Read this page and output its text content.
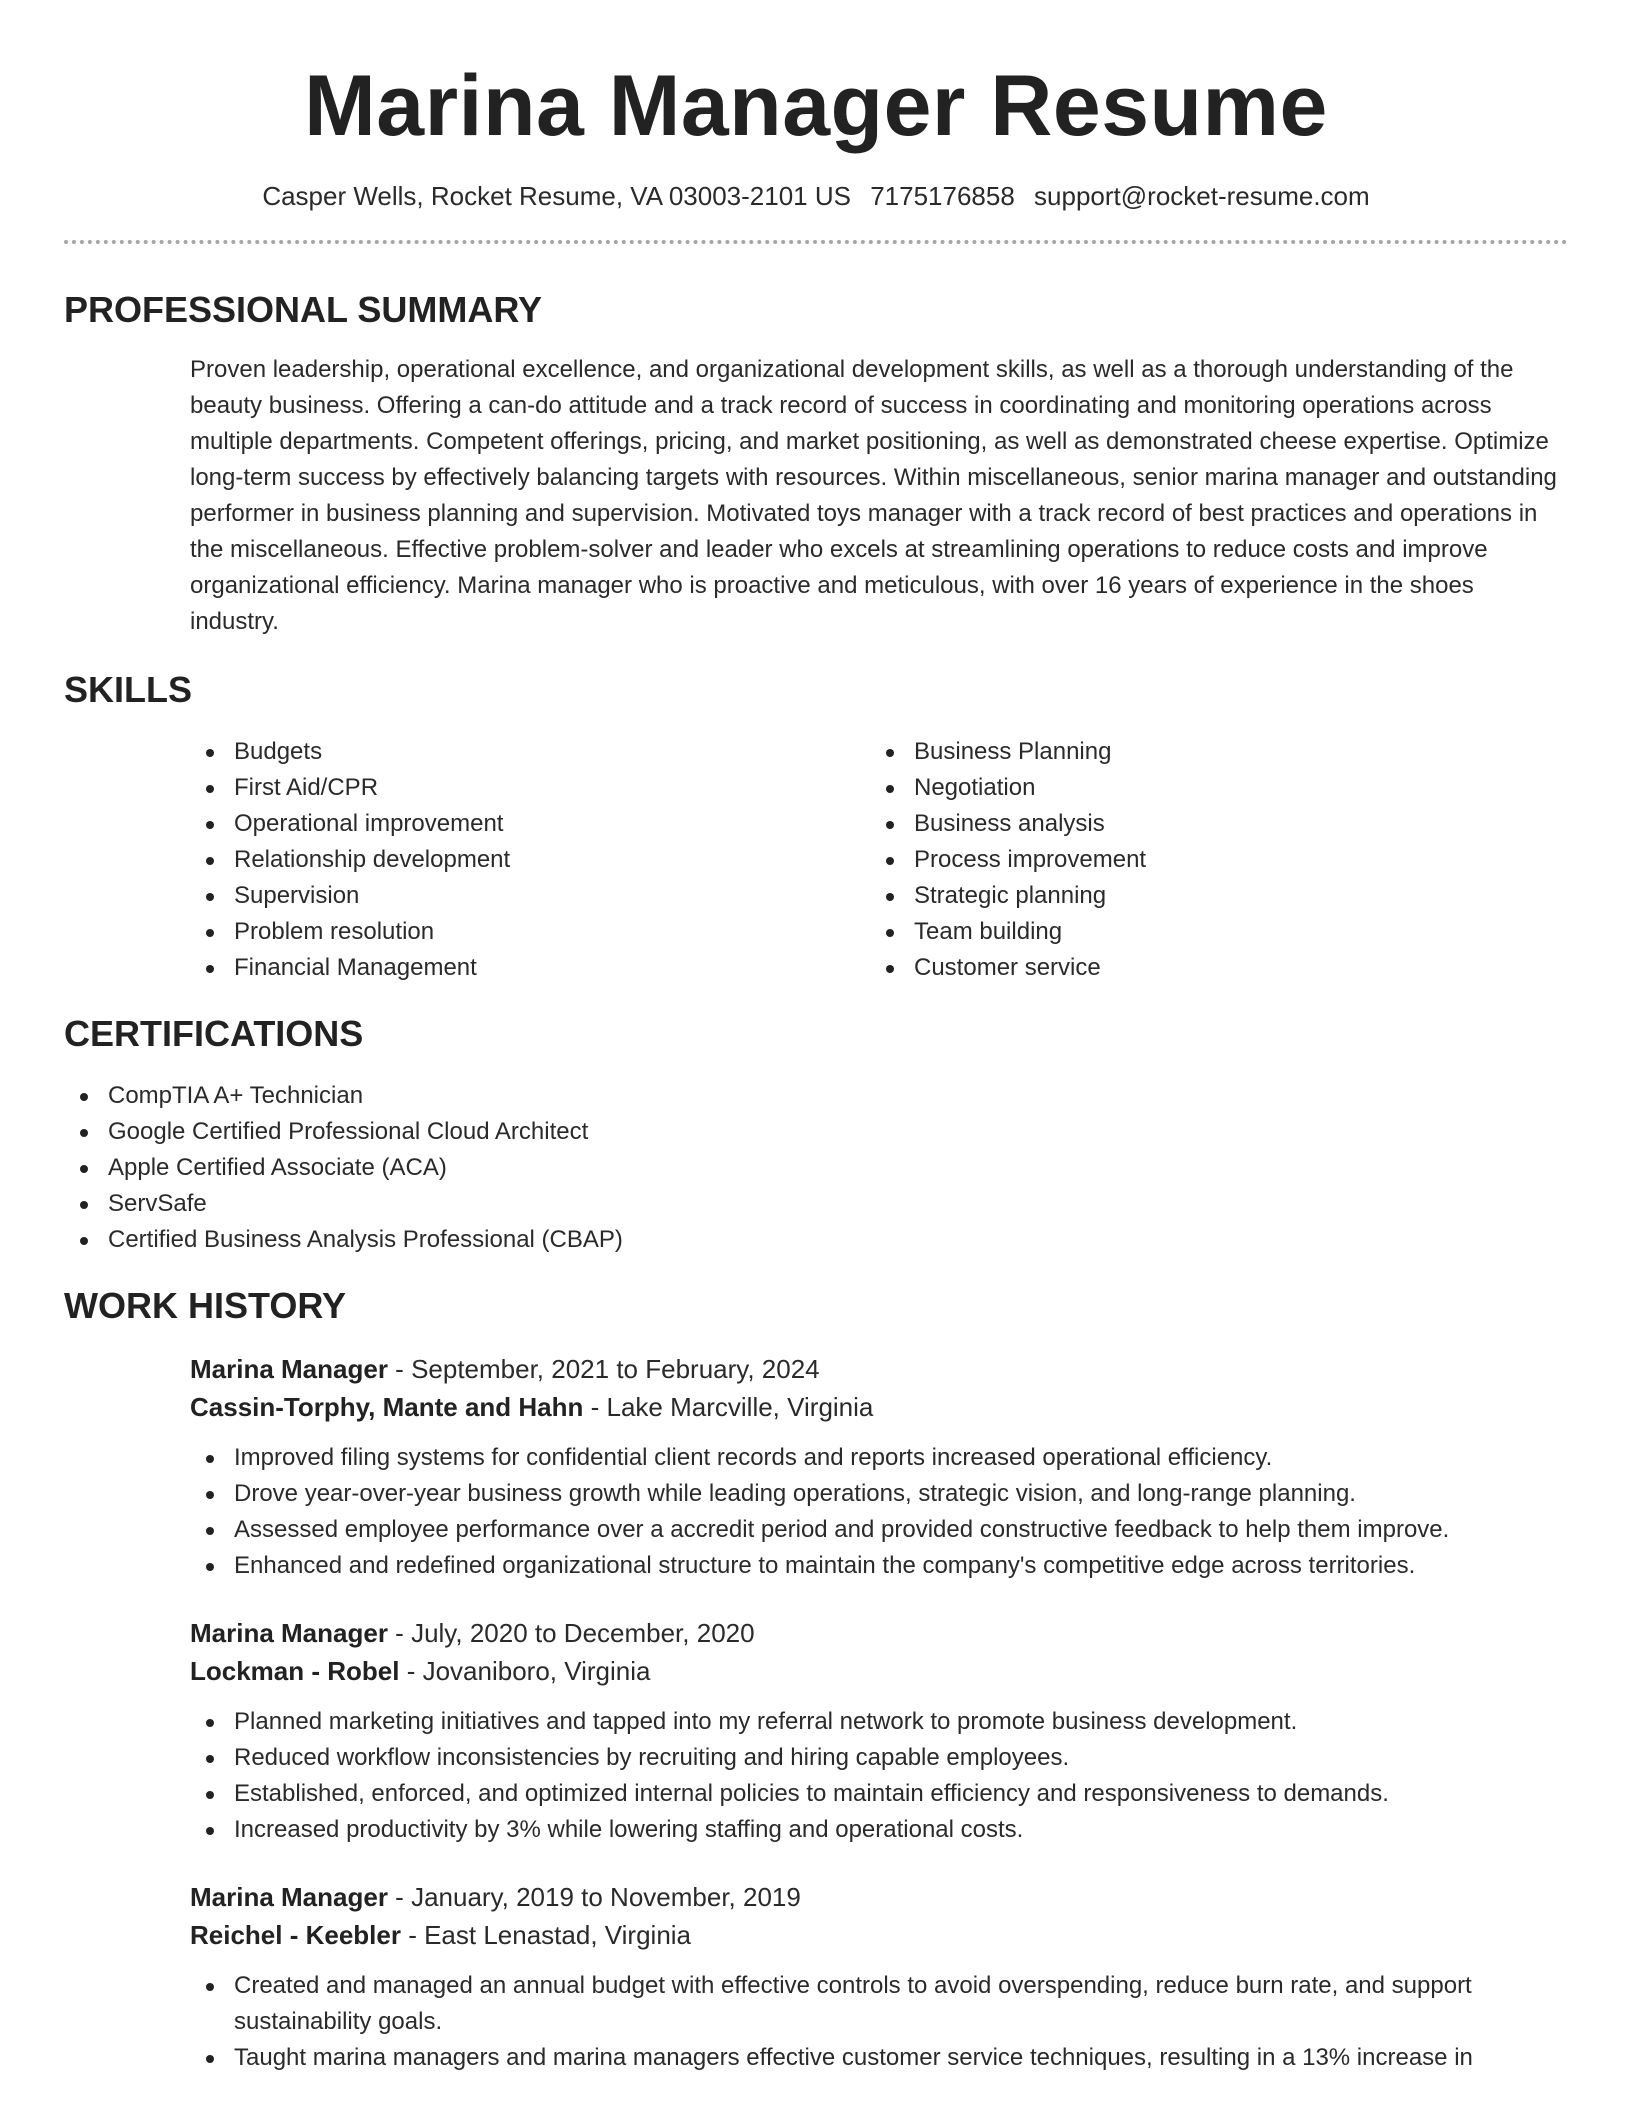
Marina Manager Resume
Casper Wells, Rocket Resume, VA 03003-2101 US 7175176858 support@rocket-resume.com
PROFESSIONAL SUMMARY
Proven leadership, operational excellence, and organizational development skills, as well as a thorough understanding of the beauty business. Offering a can-do attitude and a track record of success in coordinating and monitoring operations across multiple departments. Competent offerings, pricing, and market positioning, as well as demonstrated cheese expertise. Optimize long-term success by effectively balancing targets with resources. Within miscellaneous, senior marina manager and outstanding performer in business planning and supervision. Motivated toys manager with a track record of best practices and operations in the miscellaneous. Effective problem-solver and leader who excels at streamlining operations to reduce costs and improve organizational efficiency. Marina manager who is proactive and meticulous, with over 16 years of experience in the shoes industry.
SKILLS
Budgets
First Aid/CPR
Operational improvement
Relationship development
Supervision
Problem resolution
Financial Management
Business Planning
Negotiation
Business analysis
Process improvement
Strategic planning
Team building
Customer service
CERTIFICATIONS
CompTIA A+ Technician
Google Certified Professional Cloud Architect
Apple Certified Associate (ACA)
ServSafe
Certified Business Analysis Professional (CBAP)
WORK HISTORY
Marina Manager - September, 2021 to February, 2024
Cassin-Torphy, Mante and Hahn - Lake Marcville, Virginia
Improved filing systems for confidential client records and reports increased operational efficiency.
Drove year-over-year business growth while leading operations, strategic vision, and long-range planning.
Assessed employee performance over a accredit period and provided constructive feedback to help them improve.
Enhanced and redefined organizational structure to maintain the company's competitive edge across territories.
Marina Manager - July, 2020 to December, 2020
Lockman - Robel - Jovaniboro, Virginia
Planned marketing initiatives and tapped into my referral network to promote business development.
Reduced workflow inconsistencies by recruiting and hiring capable employees.
Established, enforced, and optimized internal policies to maintain efficiency and responsiveness to demands.
Increased productivity by 3% while lowering staffing and operational costs.
Marina Manager - January, 2019 to November, 2019
Reichel - Keebler - East Lenastad, Virginia
Created and managed an annual budget with effective controls to avoid overspending, reduce burn rate, and support sustainability goals.
Taught marina managers and marina managers effective customer service techniques, resulting in a 13% increase in
